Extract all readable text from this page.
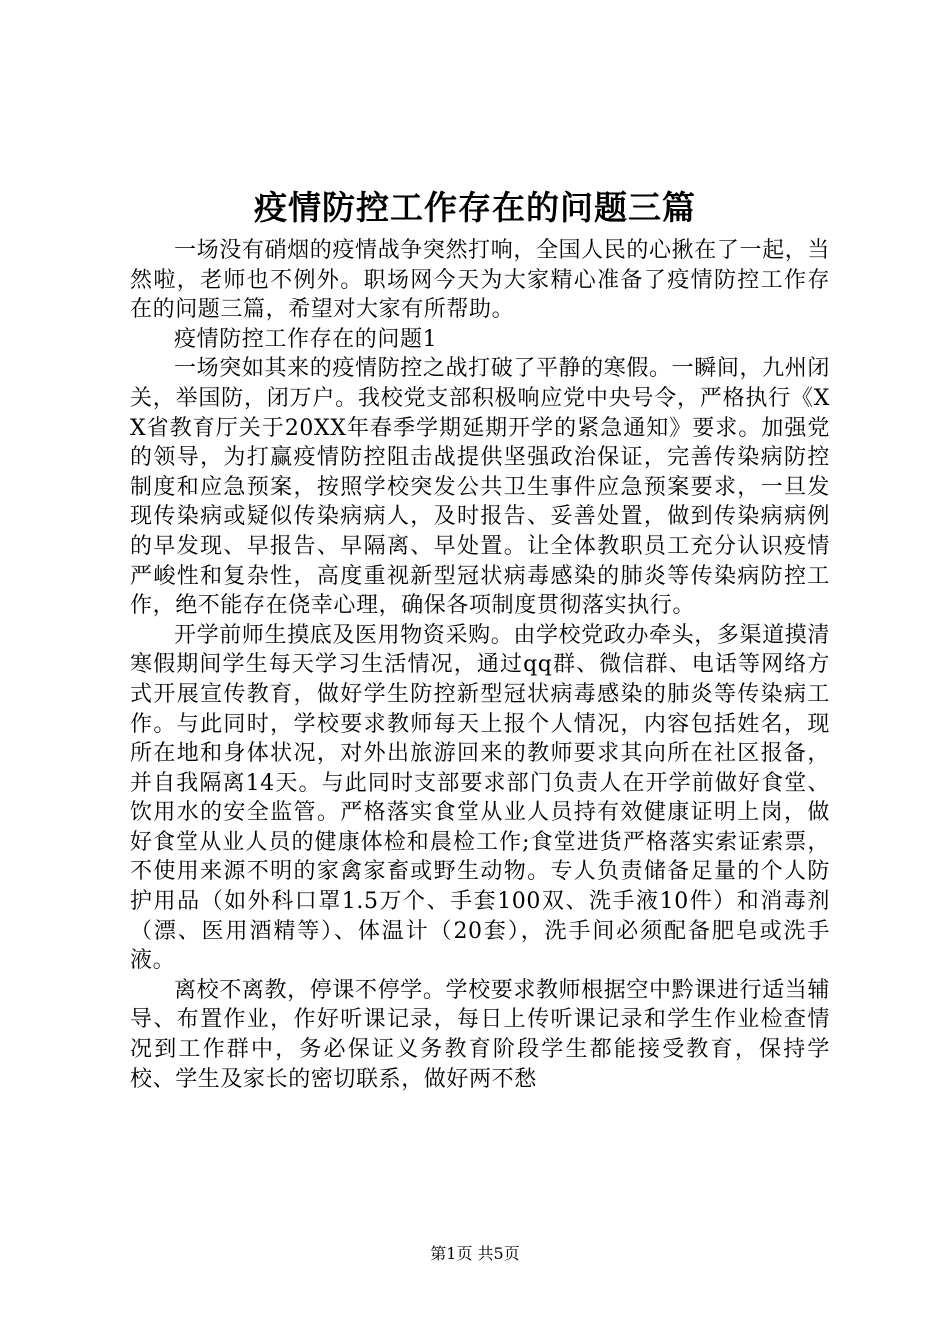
疫情防控工作存在的问题三篇

一场没有硝烟的疫情战争突然打响，全国人民的心揪在了一起，当然啦，老师也不例外。职场网今天为大家精心准备了疫情防控工作存在的问题三篇，希望对大家有所帮助。

疫情防控工作存在的问题1

一场突如其来的疫情防控之战打破了平静的寒假。一瞬间，九州闭关，举国防，闭万户。我校党支部积极响应党中央号令，严格执行《XX省教育厅关于20XX年春季学期延期开学的紧急通知》要求。加强党的领导，为打赢疫情防控阻击战提供坚强政治保证，完善传染病防控制度和应急预案，按照学校突发公共卫生事件应急预案要求，一旦发现传染病或疑似传染病病人，及时报告、妥善处置，做到传染病病例的早发现、早报告、早隔离、早处置。让全体教职员工充分认识疫情严峻性和复杂性，高度重视新型冠状病毒感染的肺炎等传染病防控工作，绝不能存在侥幸心理，确保各项制度贯彻落实执行。

开学前师生摸底及医用物资采购。由学校党政办牵头，多渠道摸清寒假期间学生每天学习生活情况，通过qq群、微信群、电话等网络方式开展宣传教育，做好学生防控新型冠状病毒感染的肺炎等传染病工作。与此同时，学校要求教师每天上报个人情况，内容包括姓名，现所在地和身体状况，对外出旅游回来的教师要求其向所在社区报备，并自我隔离14天。与此同时支部要求部门负责人在开学前做好食堂、饮用水的安全监管。严格落实食堂从业人员持有效健康证明上岗，做好食堂从业人员的健康体检和晨检工作;食堂进货严格落实索证索票，不使用来源不明的家禽家畜或野生动物。专人负责储备足量的个人防护用品（如外科口罩1.5万个、手套100双、洗手液10件）和消毒剂（漂、医用酒精等）、体温计（20套），洗手间必须配备肥皂或洗手液。

离校不离教，停课不停学。学校要求教师根据空中黔课进行适当辅导、布置作业，作好听课记录，每日上传听课记录和学生作业检查情况到工作群中，务必保证义务教育阶段学生都能接受教育，保持学校、学生及家长的密切联系，做好两不愁

第1页 共5页
